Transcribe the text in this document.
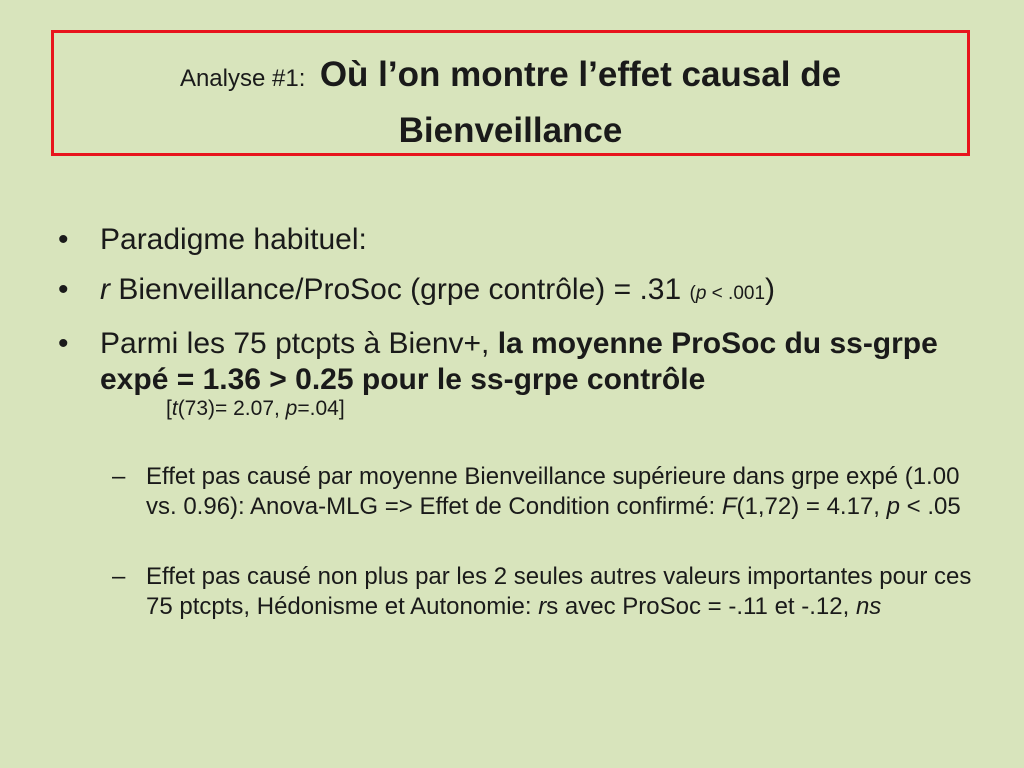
Analyse #1: Où l’on montre l’effet causal de
Bienveillance
• Paradigme habituel:
• r Bienveillance/ProSoc (grpe contrôle) = .31 (p < .001)
• Parmi les 75 ptcpts à Bienv+, la moyenne ProSoc du ss-grpe expé = 1.36 > 0.25 pour le ss-grpe contrôle
[t(73)= 2.07, p=.04]
– Effet pas causé par moyenne Bienveillance supérieure dans grpe expé (1.00 vs. 0.96): Anova-MLG => Effet de Condition confirmé: F(1,72) = 4.17, p < .05
– Effet pas causé non plus par les 2 seules autres valeurs importantes pour ces 75 ptcpts, Hédonisme et Autonomie: rs avec ProSoc = -.11 et -.12, ns
